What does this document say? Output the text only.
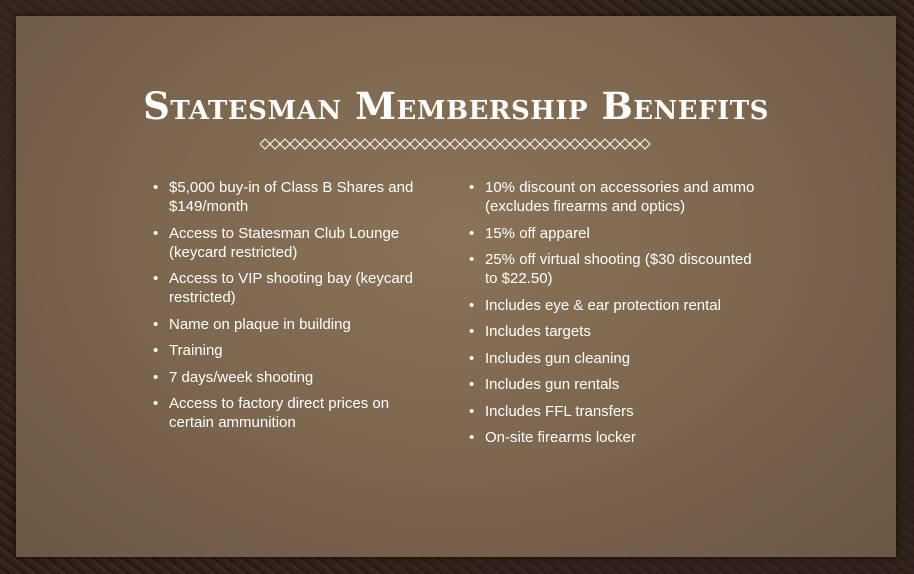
Statesman Membership Benefits
• $5,000 buy-in of Class B Shares and $149/month
• Access to Statesman Club Lounge (keycard restricted)
• Access to VIP shooting bay (keycard restricted)
• Name on plaque in building
• Training
• 7 days/week shooting
• Access to factory direct prices on certain ammunition
• 10% discount on accessories and ammo (excludes firearms and optics)
• 15% off apparel
• 25% off virtual shooting ($30 discounted to $22.50)
• Includes eye & ear protection rental
• Includes targets
• Includes gun cleaning
• Includes gun rentals
• Includes FFL transfers
• On-site firearms locker
